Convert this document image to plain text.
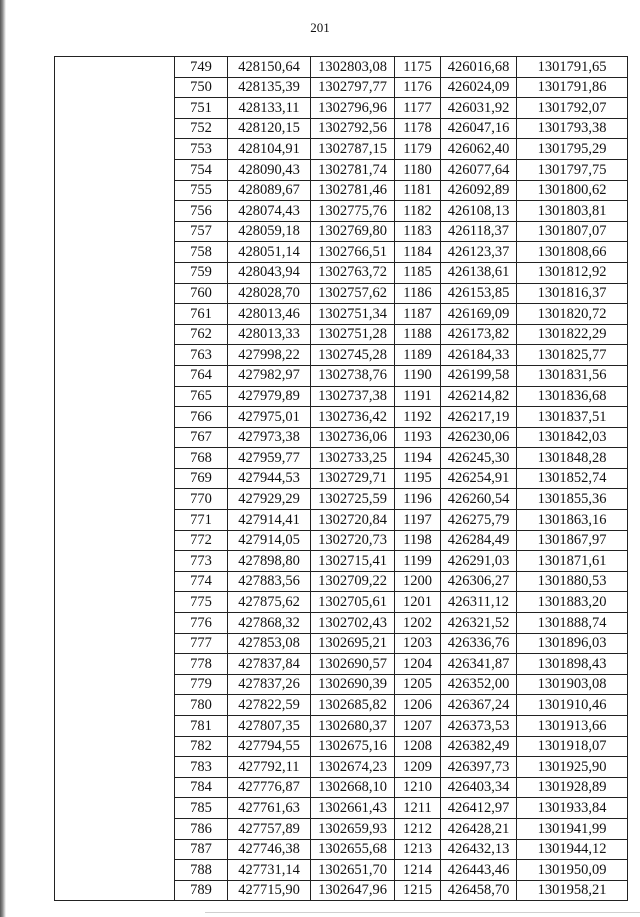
201
	749	428150,64	1302803,08	1175	426016,68	1301791,65
	750	428135,39	1302797,77	1176	426024,09	1301791,86
	751	428133,11	1302796,96	1177	426031,92	1301792,07
	752	428120,15	1302792,56	1178	426047,16	1301793,38
	753	428104,91	1302787,15	1179	426062,40	1301795,29
	754	428090,43	1302781,74	1180	426077,64	1301797,75
	755	428089,67	1302781,46	1181	426092,89	1301800,62
	756	428074,43	1302775,76	1182	426108,13	1301803,81
	757	428059,18	1302769,80	1183	426118,37	1301807,07
	758	428051,14	1302766,51	1184	426123,37	1301808,66
	759	428043,94	1302763,72	1185	426138,61	1301812,92
	760	428028,70	1302757,62	1186	426153,85	1301816,37
	761	428013,46	1302751,34	1187	426169,09	1301820,72
	762	428013,33	1302751,28	1188	426173,82	1301822,29
	763	427998,22	1302745,28	1189	426184,33	1301825,77
	764	427982,97	1302738,76	1190	426199,58	1301831,56
	765	427979,89	1302737,38	1191	426214,82	1301836,68
	766	427975,01	1302736,42	1192	426217,19	1301837,51
	767	427973,38	1302736,06	1193	426230,06	1301842,03
	768	427959,77	1302733,25	1194	426245,30	1301848,28
	769	427944,53	1302729,71	1195	426254,91	1301852,74
	770	427929,29	1302725,59	1196	426260,54	1301855,36
	771	427914,41	1302720,84	1197	426275,79	1301863,16
	772	427914,05	1302720,73	1198	426284,49	1301867,97
	773	427898,80	1302715,41	1199	426291,03	1301871,61
	774	427883,56	1302709,22	1200	426306,27	1301880,53
	775	427875,62	1302705,61	1201	426311,12	1301883,20
	776	427868,32	1302702,43	1202	426321,52	1301888,74
	777	427853,08	1302695,21	1203	426336,76	1301896,03
	778	427837,84	1302690,57	1204	426341,87	1301898,43
	779	427837,26	1302690,39	1205	426352,00	1301903,08
	780	427822,59	1302685,82	1206	426367,24	1301910,46
	781	427807,35	1302680,37	1207	426373,53	1301913,66
	782	427794,55	1302675,16	1208	426382,49	1301918,07
	783	427792,11	1302674,23	1209	426397,73	1301925,90
	784	427776,87	1302668,10	1210	426403,34	1301928,89
	785	427761,63	1302661,43	1211	426412,97	1301933,84
	786	427757,89	1302659,93	1212	426428,21	1301941,99
	787	427746,38	1302655,68	1213	426432,13	1301944,12
	788	427731,14	1302651,70	1214	426443,46	1301950,09
	789	427715,90	1302647,96	1215	426458,70	1301958,21
